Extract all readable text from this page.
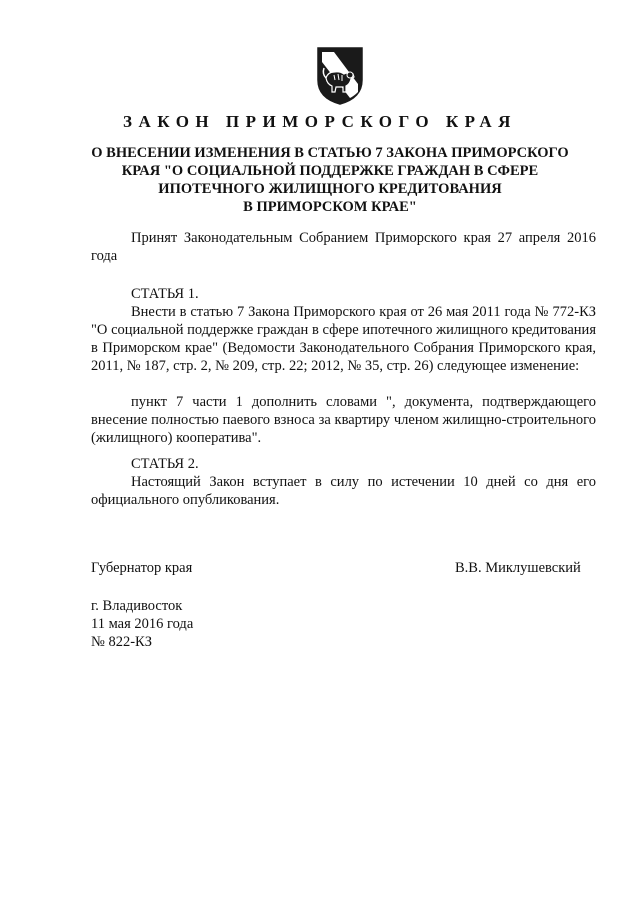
ЗАКОН ПРИМОРСКОГО КРАЯ
О ВНЕСЕНИИ ИЗМЕНЕНИЯ В СТАТЬЮ 7 ЗАКОНА ПРИМОРСКОГО
КРАЯ "О СОЦИАЛЬНОЙ ПОДДЕРЖКЕ ГРАЖДАН В СФЕРЕ
ИПОТЕЧНОГО ЖИЛИЩНОГО КРЕДИТОВАНИЯ
В ПРИМОРСКОМ КРАЕ"
Принят Законодательным Собранием Приморского края 27 апреля 2016 года
СТАТЬЯ 1.
Внести в статью 7 Закона Приморского края от 26 мая 2011 года № 772-КЗ "О социальной поддержке граждан в сфере ипотечного жилищного кредитования в Приморском крае" (Ведомости Законодательного Собрания Приморского края, 2011, № 187, стр. 2, № 209, стр. 22; 2012, № 35, стр. 26) следующее изменение:
пункт 7 части 1 дополнить словами ", документа, подтверждающего внесение полностью паевого взноса за квартиру членом жилищно-строительного (жилищного) кооператива".
СТАТЬЯ 2.
Настоящий Закон вступает в силу по истечении 10 дней со дня его официального опубликования.
Губернатор края	В.В. Миклушевский
г. Владивосток
11 мая 2016 года
№ 822-КЗ
